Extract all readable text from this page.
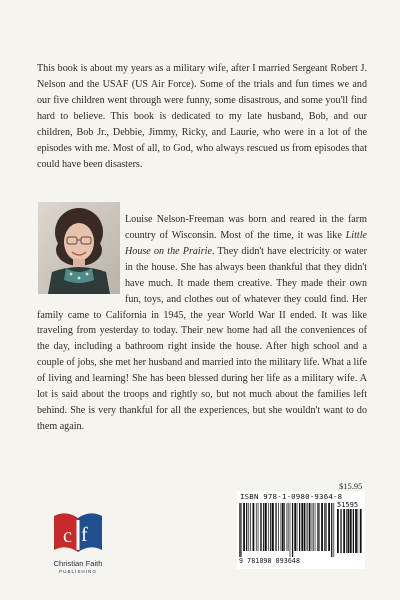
This book is about my years as a military wife, after I married Sergeant Robert J. Nelson and the USAF (US Air Force). Some of the trials and fun times we and our five children went through were funny, some disastrous, and some you'll find hard to believe. This book is dedicated to my late husband, Bob, and our children, Bob Jr., Debbie, Jimmy, Ricky, and Laurie, who were in a lot of the episodes with me. Most of all, to God, who always rescued us from episodes that could have been disasters.

Louise Nelson-Freeman was born and reared in the farm country of Wisconsin. Most of the time, it was like Little House on the Prairie. They didn't have electricity or water in the house. She has always been thankful that they didn't have much. It made them creative. They made their own fun, toys, and clothes out of whatever they could find. Her family came to California in 1945, the year World War II ended. It was like traveling from yesterday to today. Their new home had all the conveniences of the day, including a bathroom right inside the house. After high school and a couple of jobs, she met her husband and married into the military life. What a life of living and learning! She has been blessed during her life as a military wife. A lot is said about the troops and rightly so, but not much about the families left behind. She is very thankful for all the experiences, but she wouldn't want to do them again.

$15.95
ISBN 978-1-0980-9364-8
51595
9 781098 093648
c f
Christian Faith
PUBLISHING
